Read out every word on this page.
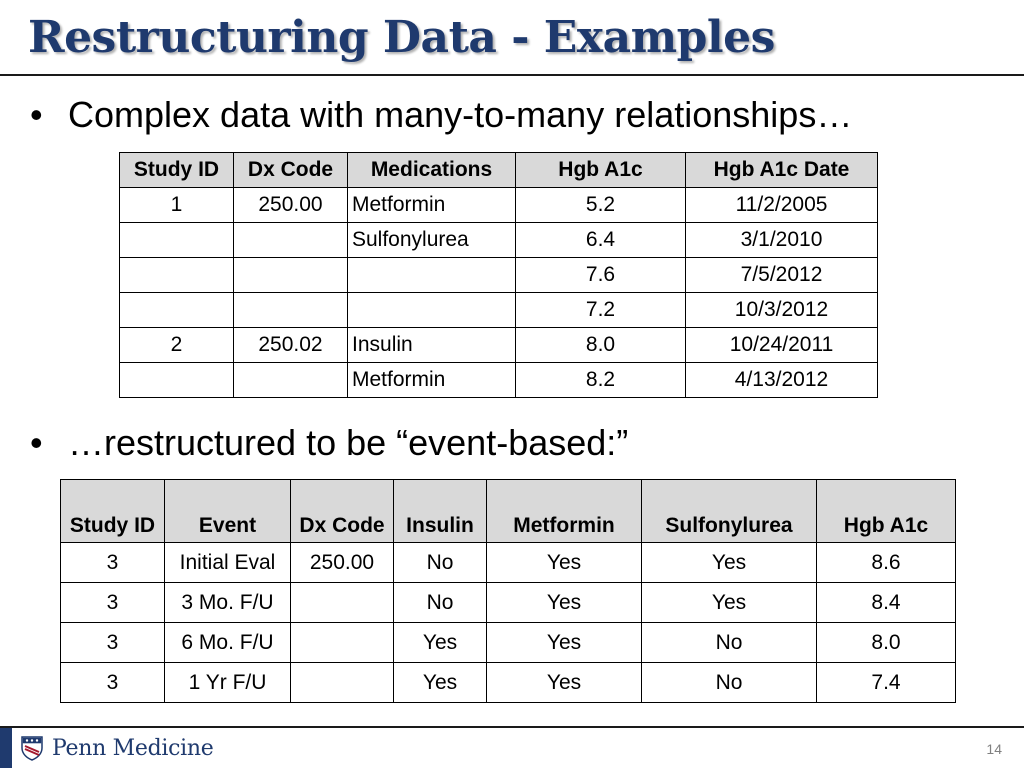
Restructuring Data - Examples
• Complex data with many-to-many relationships…
Study ID	Dx Code	Medications	Hgb A1c	Hgb A1c Date
1	250.00	Metformin	5.2	11/2/2005
		Sulfonylurea	6.4	3/1/2010
			7.6	7/5/2012
			7.2	10/3/2012
2	250.02	Insulin	8.0	10/24/2011
		Metformin	8.2	4/13/2012
• …restructured to be “event-based:”
Study ID	Event	Dx Code	Insulin	Metformin	Sulfonylurea	Hgb A1c
3	Initial Eval	250.00	No	Yes	Yes	8.6
3	3 Mo. F/U		No	Yes	Yes	8.4
3	6 Mo. F/U		Yes	Yes	No	8.0
3	1 Yr F/U		Yes	Yes	No	7.4
Penn Medicine	14
